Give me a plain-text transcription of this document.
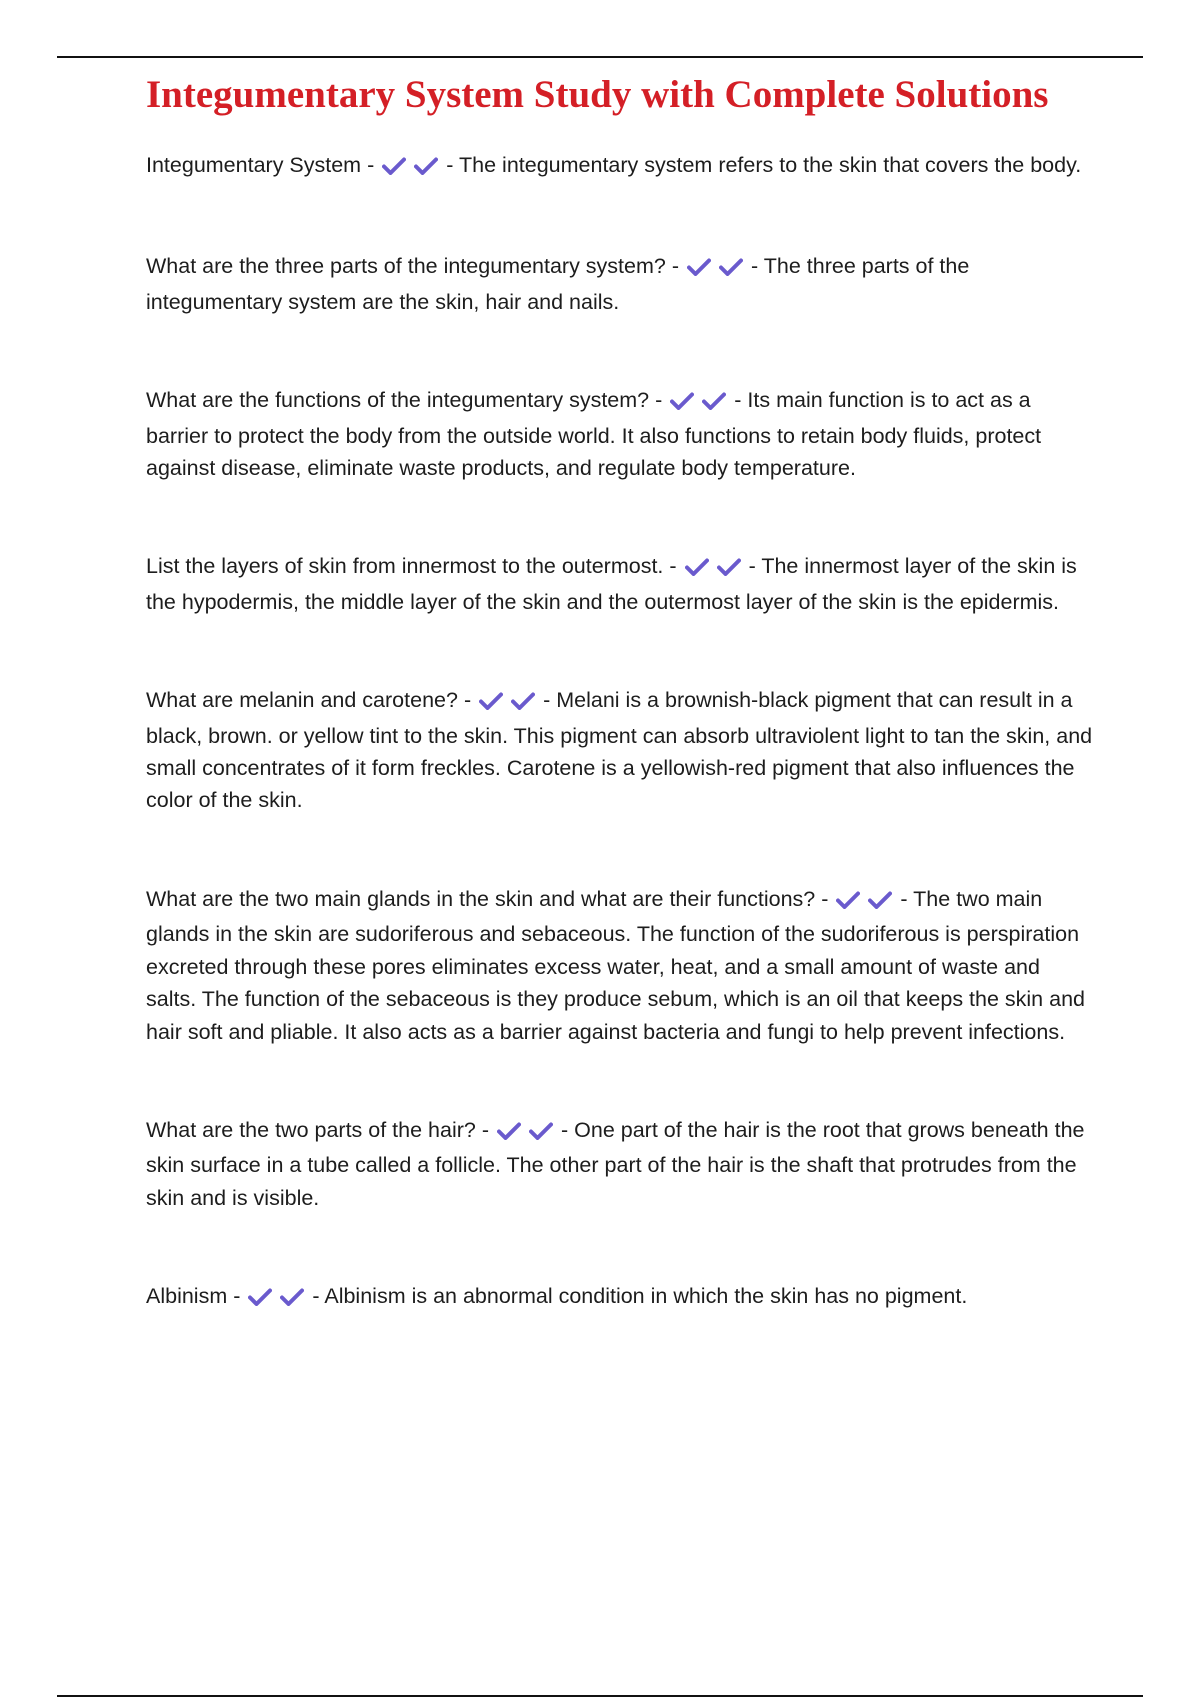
Integumentary System Study with Complete Solutions

Integumentary System -	- The integumentary system refers to the skin that covers the body.

What are the three parts of the integumentary system? -	- The three parts of the integumentary system are the skin, hair and nails.

What are the functions of the integumentary system? -	- Its main function is to act as a barrier to protect the body from the outside world. It also functions to retain body fluids, protect against disease, eliminate waste products, and regulate body temperature.

List the layers of skin from innermost to the outermost. -	- The innermost layer of the skin is the hypodermis, the middle layer of the skin and the outermost layer of the skin is the epidermis.

What are melanin and carotene? -	- Melani is a brownish-black pigment that can result in a black, brown. or yellow tint to the skin. This pigment can absorb ultraviolent light to tan the skin, and small concentrates of it form freckles. Carotene is a yellowish-red pigment that also influences the color of the skin.

What are the two main glands in the skin and what are their functions? -	- The two main glands in the skin are sudoriferous and sebaceous. The function of the sudoriferous is perspiration excreted through these pores eliminates excess water, heat, and a small amount of waste and salts. The function of the sebaceous is they produce sebum, which is an oil that keeps the skin and hair soft and pliable. It also acts as a barrier against bacteria and fungi to help prevent infections.

What are the two parts of the hair? -	- One part of the hair is the root that grows beneath the skin surface in a tube called a follicle. The other part of the hair is the shaft that protrudes from the skin and is visible.

Albinism -	- Albinism is an abnormal condition in which the skin has no pigment.
